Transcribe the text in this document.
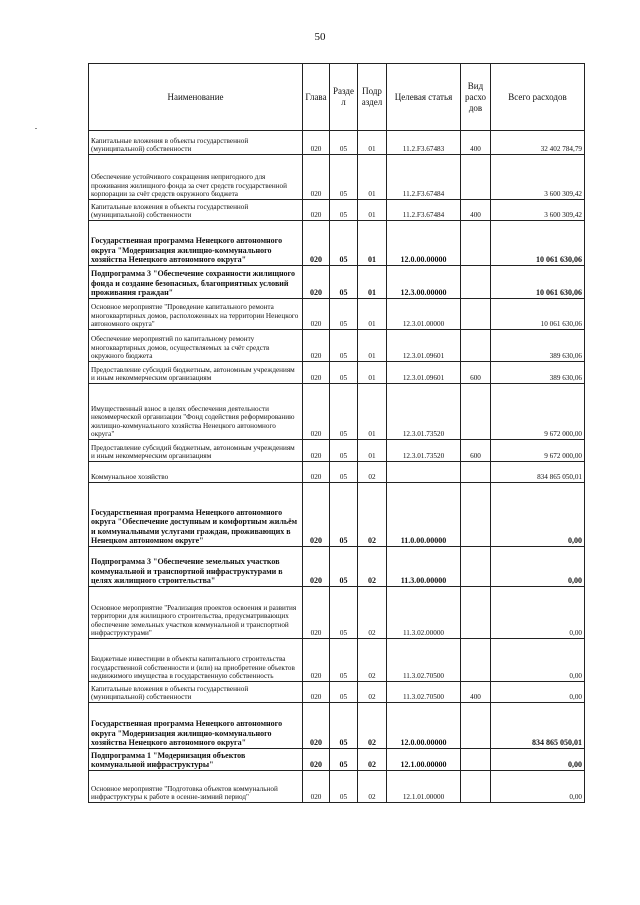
50
Наименование	Глава	Разде л	Подр аздел	Целевая статья	Вид расхо дов	Всего расходов
Капитальные вложения в объекты государственной (муниципальной) собственности	020	05	01	11.2.F3.67483	400	32 402 784,79
Обеспечение устойчивого сокращения непригодного для проживания жилищного фонда за счет средств государственной корпорации за счёт средств окружного бюджета	020	05	01	11.2.F3.67484		3 600 309,42
Капитальные вложения в объекты государственной (муниципальной) собственности	020	05	01	11.2.F3.67484	400	3 600 309,42
Государственная программа Ненецкого автономного округа "Модернизация жилищно-коммунального хозяйства Ненецкого автономного округа"	020	05	01	12.0.00.00000		10 061 630,06
Подпрограмма 3 "Обеспечение сохранности жилищного фонда и создание безопасных, благоприятных условий проживания граждан"	020	05	01	12.3.00.00000		10 061 630,06
Основное мероприятие "Проведение капитального ремонта многоквартирных домов, расположенных на территории Ненецкого автономного округа"	020	05	01	12.3.01.00000		10 061 630,06
Обеспечение мероприятий по капитальному ремонту многоквартирных домов, осуществляемых за счёт средств окружного бюджета	020	05	01	12.3.01.09601		389 630,06
Предоставление субсидий бюджетным, автономным учреждениям и иным некоммерческим организациям	020	05	01	12.3.01.09601	600	389 630,06
Имущественный взнос в целях обеспечения деятельности некоммерческой организации "Фонд содействия реформированию жилищно-коммунального хозяйства Ненецкого автономного округа"	020	05	01	12.3.01.73520		9 672 000,00
Предоставление субсидий бюджетным, автономным учреждениям и иным некоммерческим организациям	020	05	01	12.3.01.73520	600	9 672 000,00
Коммунальное хозяйство	020	05	02			834 865 050,01
Государственная программа Ненецкого автономного округа "Обеспечение доступным и комфортным жильём и коммунальными услугами граждан, проживающих в Ненецком автономном округе"	020	05	02	11.0.00.00000		0,00
Подпрограмма 3 "Обеспечение земельных участков коммунальной и транспортной инфраструктурами в целях жилищного строительства"	020	05	02	11.3.00.00000		0,00
Основное мероприятие "Реализация проектов освоения и развития территории для жилищного строительства, предусматривающих обеспечение земельных участков коммунальной и транспортной инфраструктурами"	020	05	02	11.3.02.00000		0,00
Бюджетные инвестиции в объекты капитального строительства государственной собственности и (или) на приобретение объектов недвижимого имущества в государственную собственность	020	05	02	11.3.02.70500		0,00
Капитальные вложения в объекты государственной (муниципальной) собственности	020	05	02	11.3.02.70500	400	0,00
Государственная программа Ненецкого автономного округа "Модернизация жилищно-коммунального хозяйства Ненецкого автономного округа"	020	05	02	12.0.00.00000		834 865 050,01
Подпрограмма 1 "Модернизация объектов коммунальной инфраструктуры"	020	05	02	12.1.00.00000		0,00
Основное мероприятие "Подготовка объектов коммунальной инфраструктуры к работе в осенне-зимний период"	020	05	02	12.1.01.00000		0,00
